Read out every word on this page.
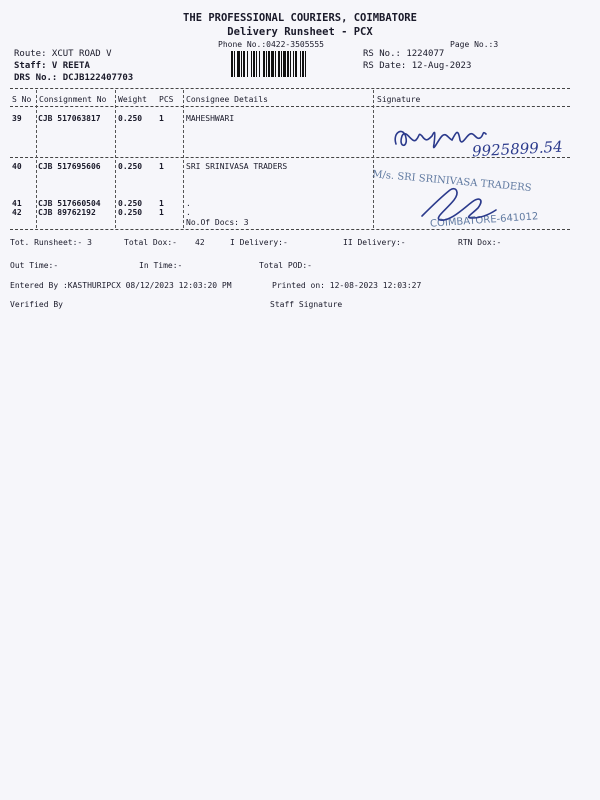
THE PROFESSIONAL COURIERS, COIMBATORE
Delivery Runsheet - PCX
Phone No.:0422-3505555	Page No.:3
Route: XCUT ROAD V
Staff: V REETA
DRS No.: DCJB122407703
RS No.: 1224077
RS Date: 12-Aug-2023
S No Consignment No Weight PCS Consignee Details	Signature
39 CJB 517063817 0.250 1	MAHESHWARI
40 CJB 517695606 0.250 1	SRI SRINIVASA TRADERS
41 CJB 517660504 0.250 1	.
42 CJB 89762192	0.250 1	.
No.Of Docs: 3
9925899.54
M/s. SRI SRINIVASA TRADERS
COIMBATORE-641012
Tot. Runsheet:- 3	Total Dox:- 42	I Delivery:-	II Delivery:-	RTN Dox:-
Out Time:-	In Time:-	Total POD:-
Entered By :KASTHURIPCX 08/12/2023 12:03:20 PM	Printed on: 12-08-2023 12:03:27
Verified By	Staff Signature
